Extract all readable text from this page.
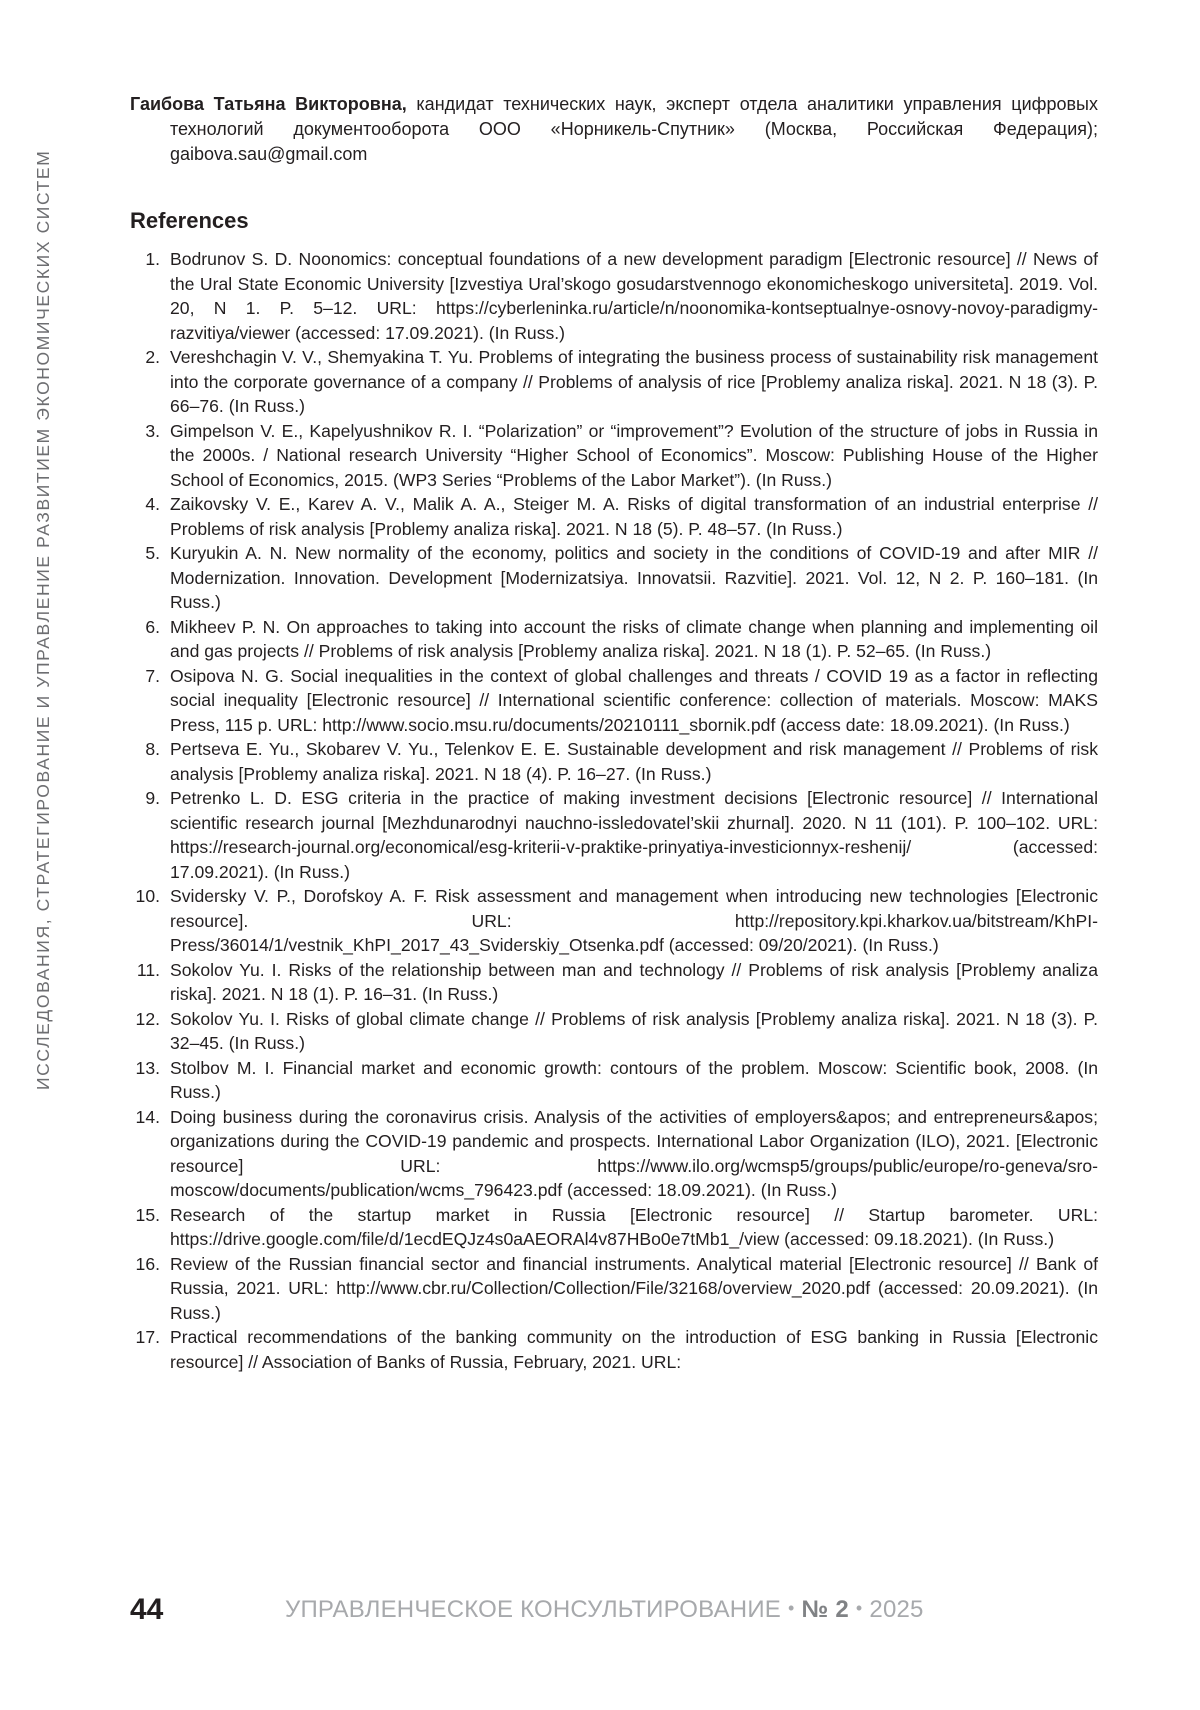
ИССЛЕДОВАНИЯ, СТРАТЕГИРОВАНИЕ И УПРАВЛЕНИЕ РАЗВИТИЕМ ЭКОНОМИЧЕСКИХ СИСТЕМ

Гаибова Татьяна Викторовна, кандидат технических наук, эксперт отдела аналитики управления цифровых технологий документооборота ООО «Норникель-Спутник» (Москва, Российская Федерация); gaibova.sau@gmail.com

References
1. Bodrunov S. D. Noonomics: conceptual foundations of a new development paradigm [Electronic resource] // News of the Ural State Economic University [Izvestiya Ural’skogo gosudarstvennogo ekonomicheskogo universiteta]. 2019. Vol. 20, N 1. P. 5–12. URL: https://cyberleninka.ru/article/n/noonomika-kontseptualnye-osnovy-novoy-paradigmy-razvitiya/viewer (accessed: 17.09.2021). (In Russ.)
2. Vereshchagin V. V., Shemyakina T. Yu. Problems of integrating the business process of sustainability risk management into the corporate governance of a company // Problems of analysis of rice [Problemy analiza riska]. 2021. N 18 (3). P. 66–76. (In Russ.)
3. Gimpelson V. E., Kapelyushnikov R. I. “Polarization” or “improvement”? Evolution of the structure of jobs in Russia in the 2000s. / National research University “Higher School of Economics”. Moscow: Publishing House of the Higher School of Economics, 2015. (WP3 Series “Problems of the Labor Market”). (In Russ.)
4. Zaikovsky V. E., Karev A. V., Malik A. A., Steiger M. A. Risks of digital transformation of an industrial enterprise // Problems of risk analysis [Problemy analiza riska]. 2021. N 18 (5). P. 48–57. (In Russ.)
5. Kuryukin A. N. New normality of the economy, politics and society in the conditions of COVID-19 and after MIR // Modernization. Innovation. Development [Modernizatsiya. Innovatsii. Razvitie]. 2021. Vol. 12, N 2. P. 160–181. (In Russ.)
6. Mikheev P. N. On approaches to taking into account the risks of climate change when planning and implementing oil and gas projects // Problems of risk analysis [Problemy analiza riska]. 2021. N 18 (1). P. 52–65. (In Russ.)
7. Osipova N. G. Social inequalities in the context of global challenges and threats / COVID 19 as a factor in reflecting social inequality [Electronic resource] // International scientific conference: collection of materials. Moscow: MAKS Press, 115 p. URL: http://www.socio.msu.ru/documents/20210111_sbornik.pdf (access date: 18.09.2021). (In Russ.)
8. Pertseva E. Yu., Skobarev V. Yu., Telenkov E. E. Sustainable development and risk management // Problems of risk analysis [Problemy analiza riska]. 2021. N 18 (4). P. 16–27. (In Russ.)
9. Petrenko L. D. ESG criteria in the practice of making investment decisions [Electronic resource] // International scientific research journal [Mezhdunarodnyi nauchno-issledovatel’skii zhurnal]. 2020. N 11 (101). P. 100–102. URL: https://research-journal.org/economical/esg-kriterii-v-praktike-prinyatiya-investicionnyx-reshenij/ (accessed: 17.09.2021). (In Russ.)
10. Svidersky V. P., Dorofskoy A. F. Risk assessment and management when introducing new technologies [Electronic resource]. URL: http://repository.kpi.kharkov.ua/bitstream/KhPI-Press/36014/1/vestnik_KhPI_2017_43_Sviderskiy_Otsenka.pdf (accessed: 09/20/2021). (In Russ.)
11. Sokolov Yu. I. Risks of the relationship between man and technology // Problems of risk analysis [Problemy analiza riska]. 2021. N 18 (1). P. 16–31. (In Russ.)
12. Sokolov Yu. I. Risks of global climate change // Problems of risk analysis [Problemy analiza riska]. 2021. N 18 (3). P. 32–45. (In Russ.)
13. Stolbov M. I. Financial market and economic growth: contours of the problem. Moscow: Scientific book, 2008. (In Russ.)
14. Doing business during the coronavirus crisis. Analysis of the activities of employers&apos; and entrepreneurs&apos; organizations during the COVID-19 pandemic and prospects. International Labor Organization (ILO), 2021. [Electronic resource] URL: https://www.ilo.org/wcmsp5/groups/public/europe/ro-geneva/sro-moscow/documents/publication/wcms_796423.pdf (accessed: 18.09.2021). (In Russ.)
15. Research of the startup market in Russia [Electronic resource] // Startup barometer. URL: https://drive.google.com/file/d/1ecdEQJz4s0aAEORAl4v87HBo0e7tMb1_/view (accessed: 09.18.2021). (In Russ.)
16. Review of the Russian financial sector and financial instruments. Analytical material [Electronic resource] // Bank of Russia, 2021. URL: http://www.cbr.ru/Collection/Collection/File/32168/overview_2020.pdf (accessed: 20.09.2021). (In Russ.)
17. Practical recommendations of the banking community on the introduction of ESG banking in Russia [Electronic resource] // Association of Banks of Russia, February, 2021. URL:
44	УПРАВЛЕНЧЕСКОЕ КОНСУЛЬТИРОВАНИЕ • № 2 • 2025
